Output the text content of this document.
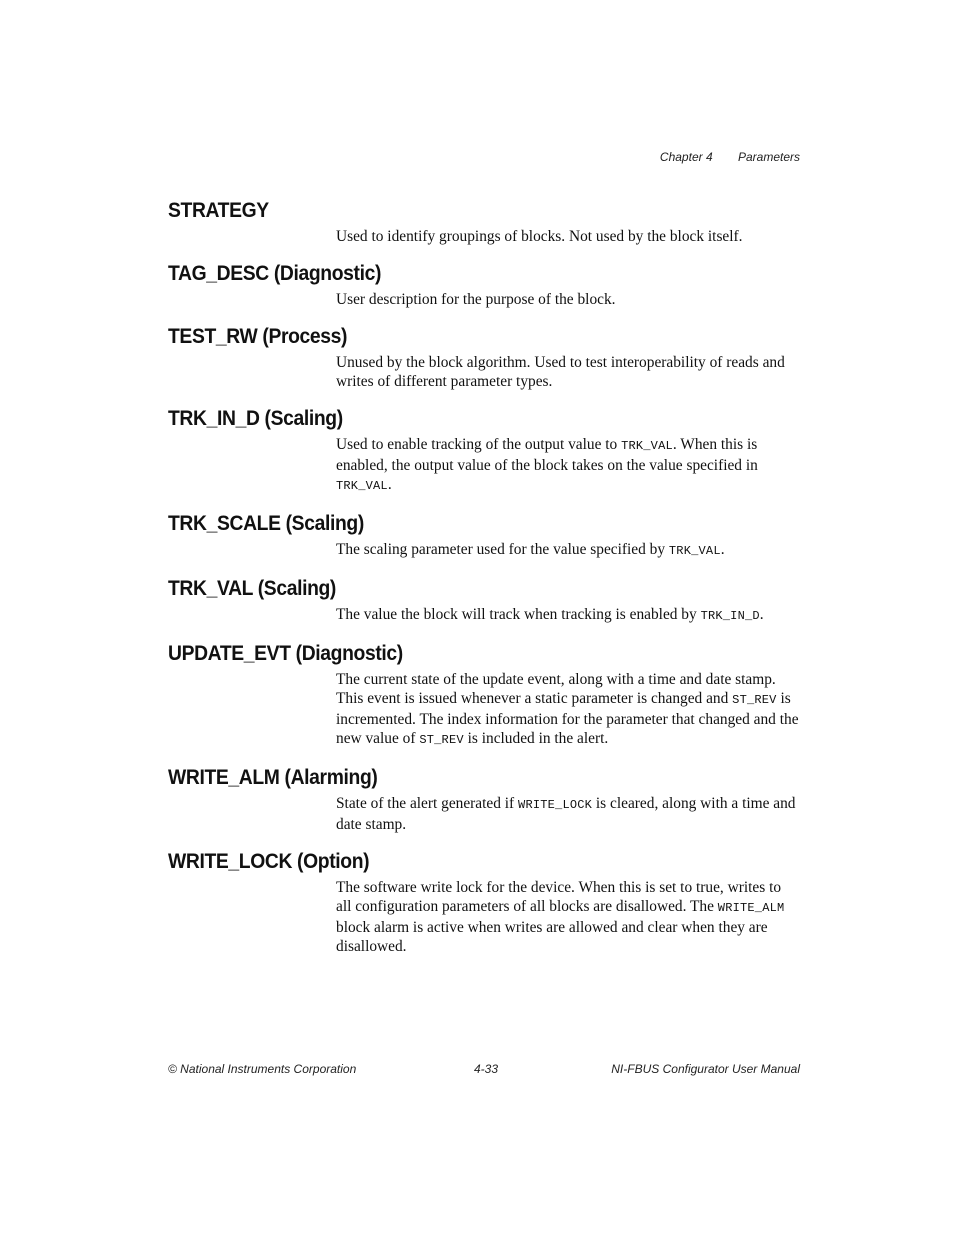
Chapter 4 Parameters
STRATEGY

Used to identify groupings of blocks. Not used by the block itself.

TAG_DESC (Diagnostic)

User description for the purpose of the block.

TEST_RW (Process)

Unused by the block algorithm. Used to test interoperability of reads and writes of different parameter types.

TRK_IN_D (Scaling)

Used to enable tracking of the output value to TRK_VAL. When this is enabled, the output value of the block takes on the value specified in TRK_VAL.

TRK_SCALE (Scaling)

The scaling parameter used for the value specified by TRK_VAL.

TRK_VAL (Scaling)

The value the block will track when tracking is enabled by TRK_IN_D.

UPDATE_EVT (Diagnostic)

The current state of the update event, along with a time and date stamp. This event is issued whenever a static parameter is changed and ST_REV is incremented. The index information for the parameter that changed and the new value of ST_REV is included in the alert.

WRITE_ALM (Alarming)

State of the alert generated if WRITE_LOCK is cleared, along with a time and date stamp.

WRITE_LOCK (Option)

The software write lock for the device. When this is set to true, writes to all configuration parameters of all blocks are disallowed. The WRITE_ALM block alarm is active when writes are allowed and clear when they are disallowed.

© National Instruments Corporation	4-33	NI-FBUS Configurator User Manual
